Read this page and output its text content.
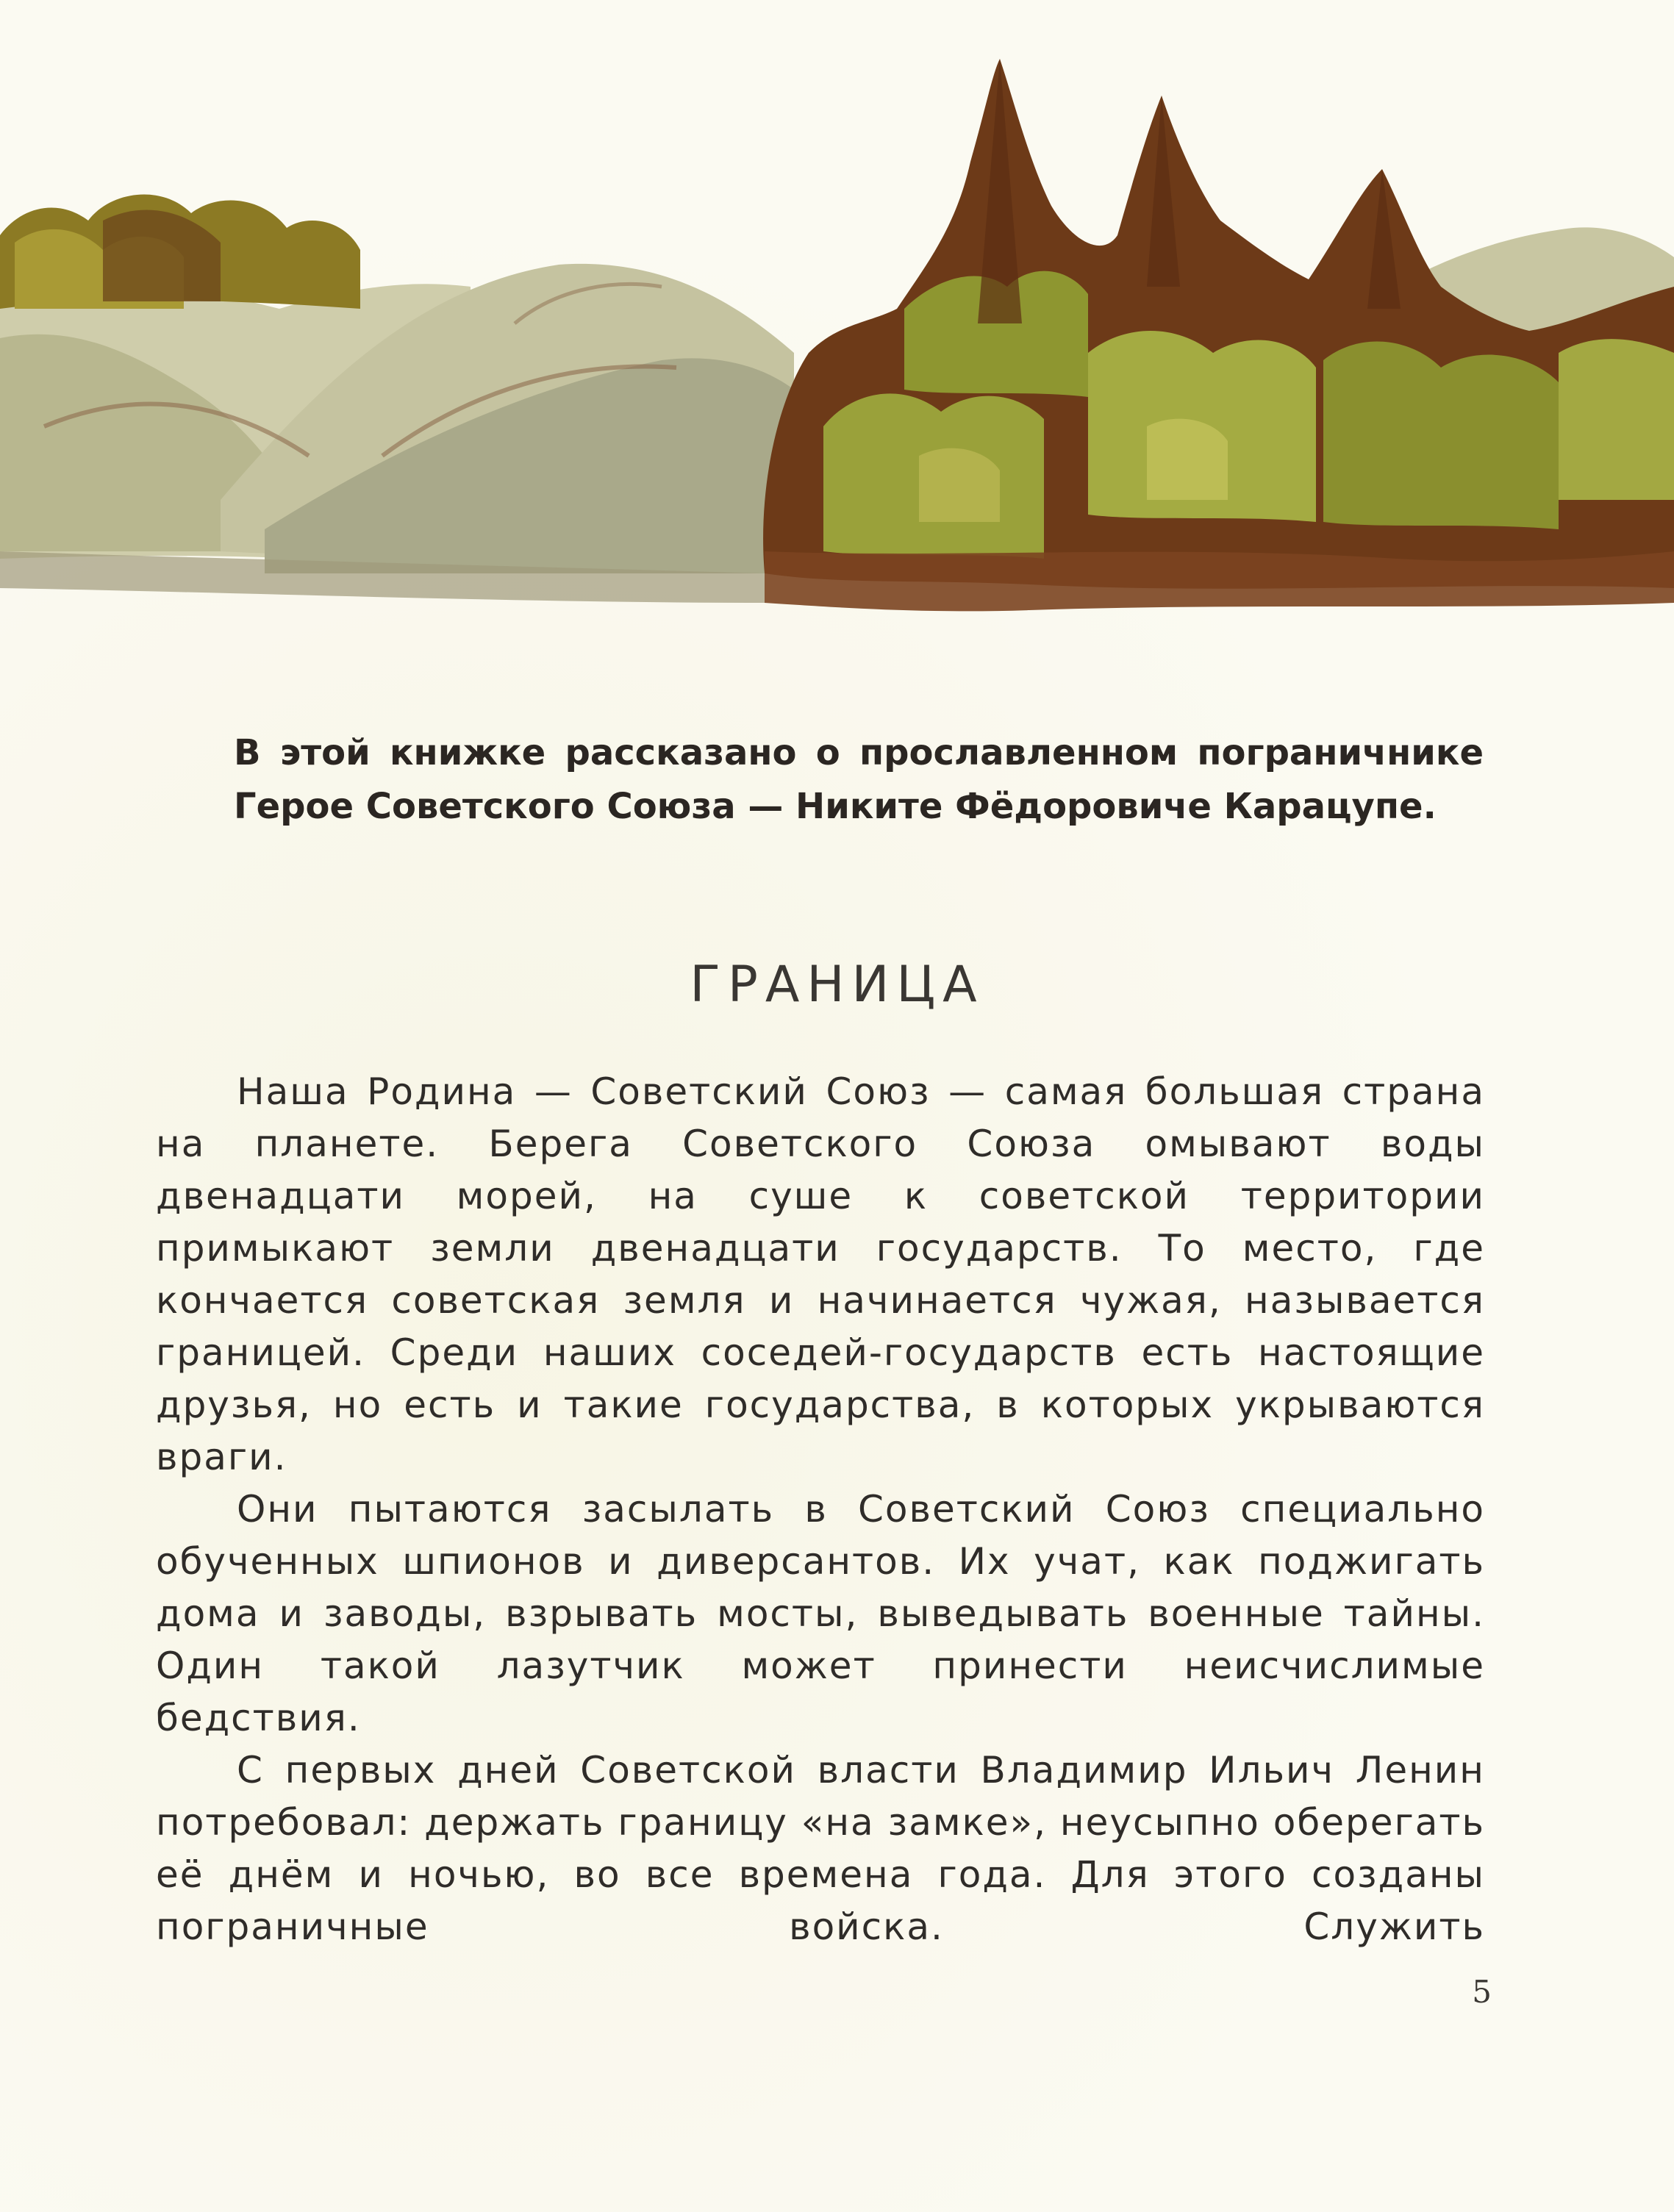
В этой книжке рассказано о прославленном пограничнике Герое Советского Союза — Никите Фёдоровиче Карацупе.

ГРАНИЦА

Наша Родина — Советский Союз — самая большая страна на планете. Берега Советского Союза омывают воды двенадцати морей, на суше к советской территории примыкают земли двенадцати государств. То место, где кончается советская земля и начинается чужая, называется границей. Среди наших соседей-государств есть настоящие друзья, но есть и такие государства, в которых укрываются враги.

Они пытаются засылать в Советский Союз специально обученных шпионов и диверсантов. Их учат, как поджигать дома и заводы, взрывать мосты, выведывать военные тайны. Один такой лазутчик может принести неисчислимые бедствия.

С первых дней Советской власти Владимир Ильич Ленин потребовал: держать границу «на замке», неусыпно оберегать её днём и ночью, во все времена года. Для этого созданы пограничные войска. Служить

5
